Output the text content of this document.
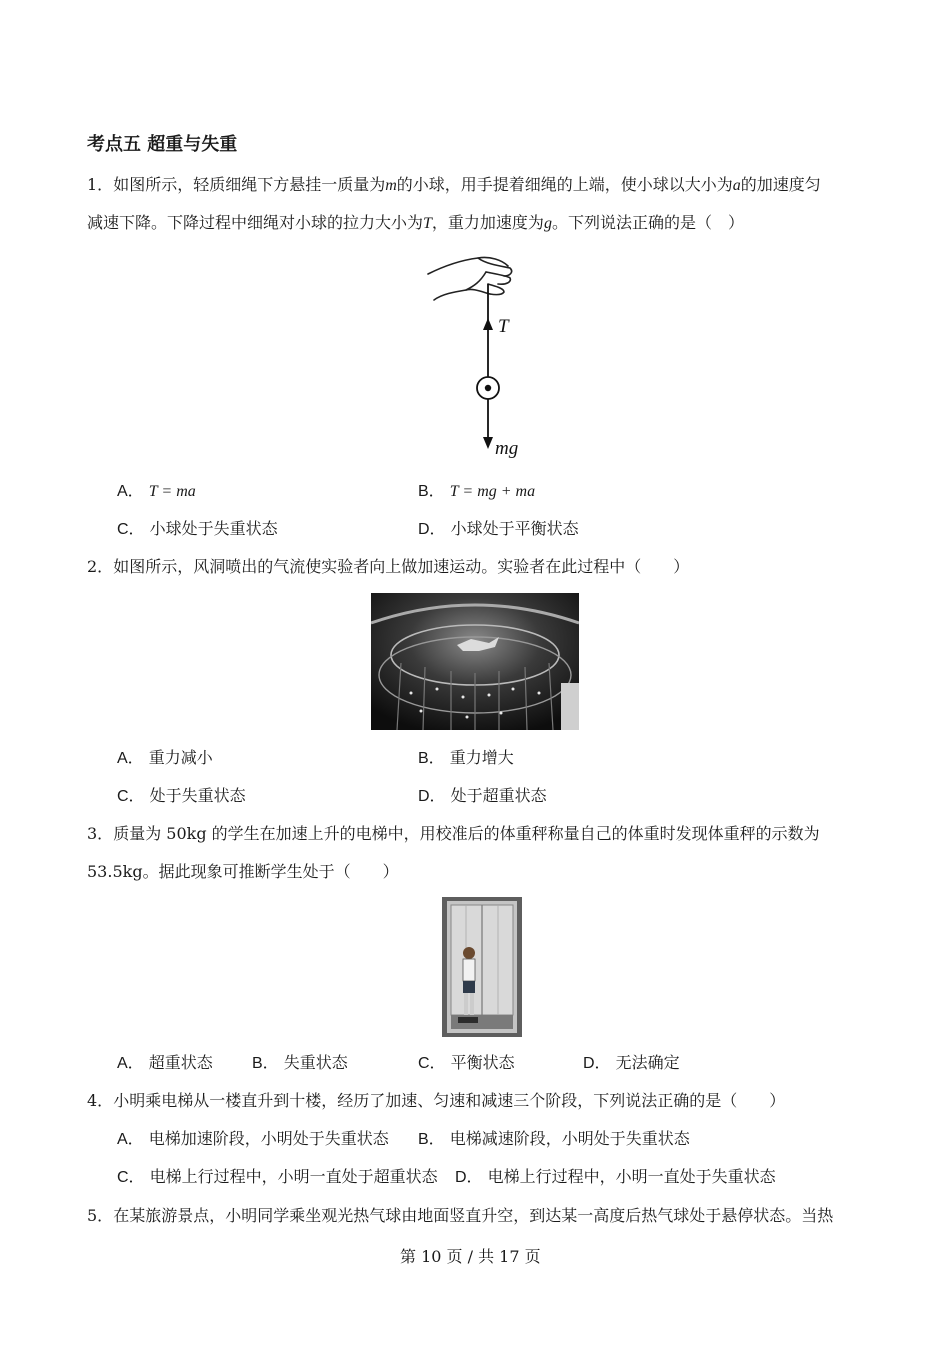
考点五 超重与失重
1．如图所示，轻质细绳下方悬挂一质量为m的小球，用手提着细绳的上端，使小球以大小为a的加速度匀
减速下降。下降过程中细绳对小球的拉力大小为T，重力加速度为g。下列说法正确的是（　）
T
mg
A． T = ma	B． T = mg + ma
C． 小球处于失重状态	D． 小球处于平衡状态
2．如图所示，风洞喷出的气流使实验者向上做加速运动。实验者在此过程中（　　）
A． 重力减小	B． 重力增大
C． 处于失重状态	D． 处于超重状态
3．质量为 50kg 的学生在加速上升的电梯中，用校准后的体重秤称量自己的体重时发现体重秤的示数为
53.5kg。据此现象可推断学生处于（　　）
A． 超重状态 B． 失重状态	C． 平衡状态	D． 无法确定
4．小明乘电梯从一楼直升到十楼，经历了加速、匀速和减速三个阶段，下列说法正确的是（　　）
A． 电梯加速阶段，小明处于失重状态 B． 电梯减速阶段，小明处于失重状态
C． 电梯上行过程中，小明一直处于超重状态 D． 电梯上行过程中，小明一直处于失重状态
5．在某旅游景点，小明同学乘坐观光热气球由地面竖直升空，到达某一高度后热气球处于悬停状态。当热
第 10 页 / 共 17 页
